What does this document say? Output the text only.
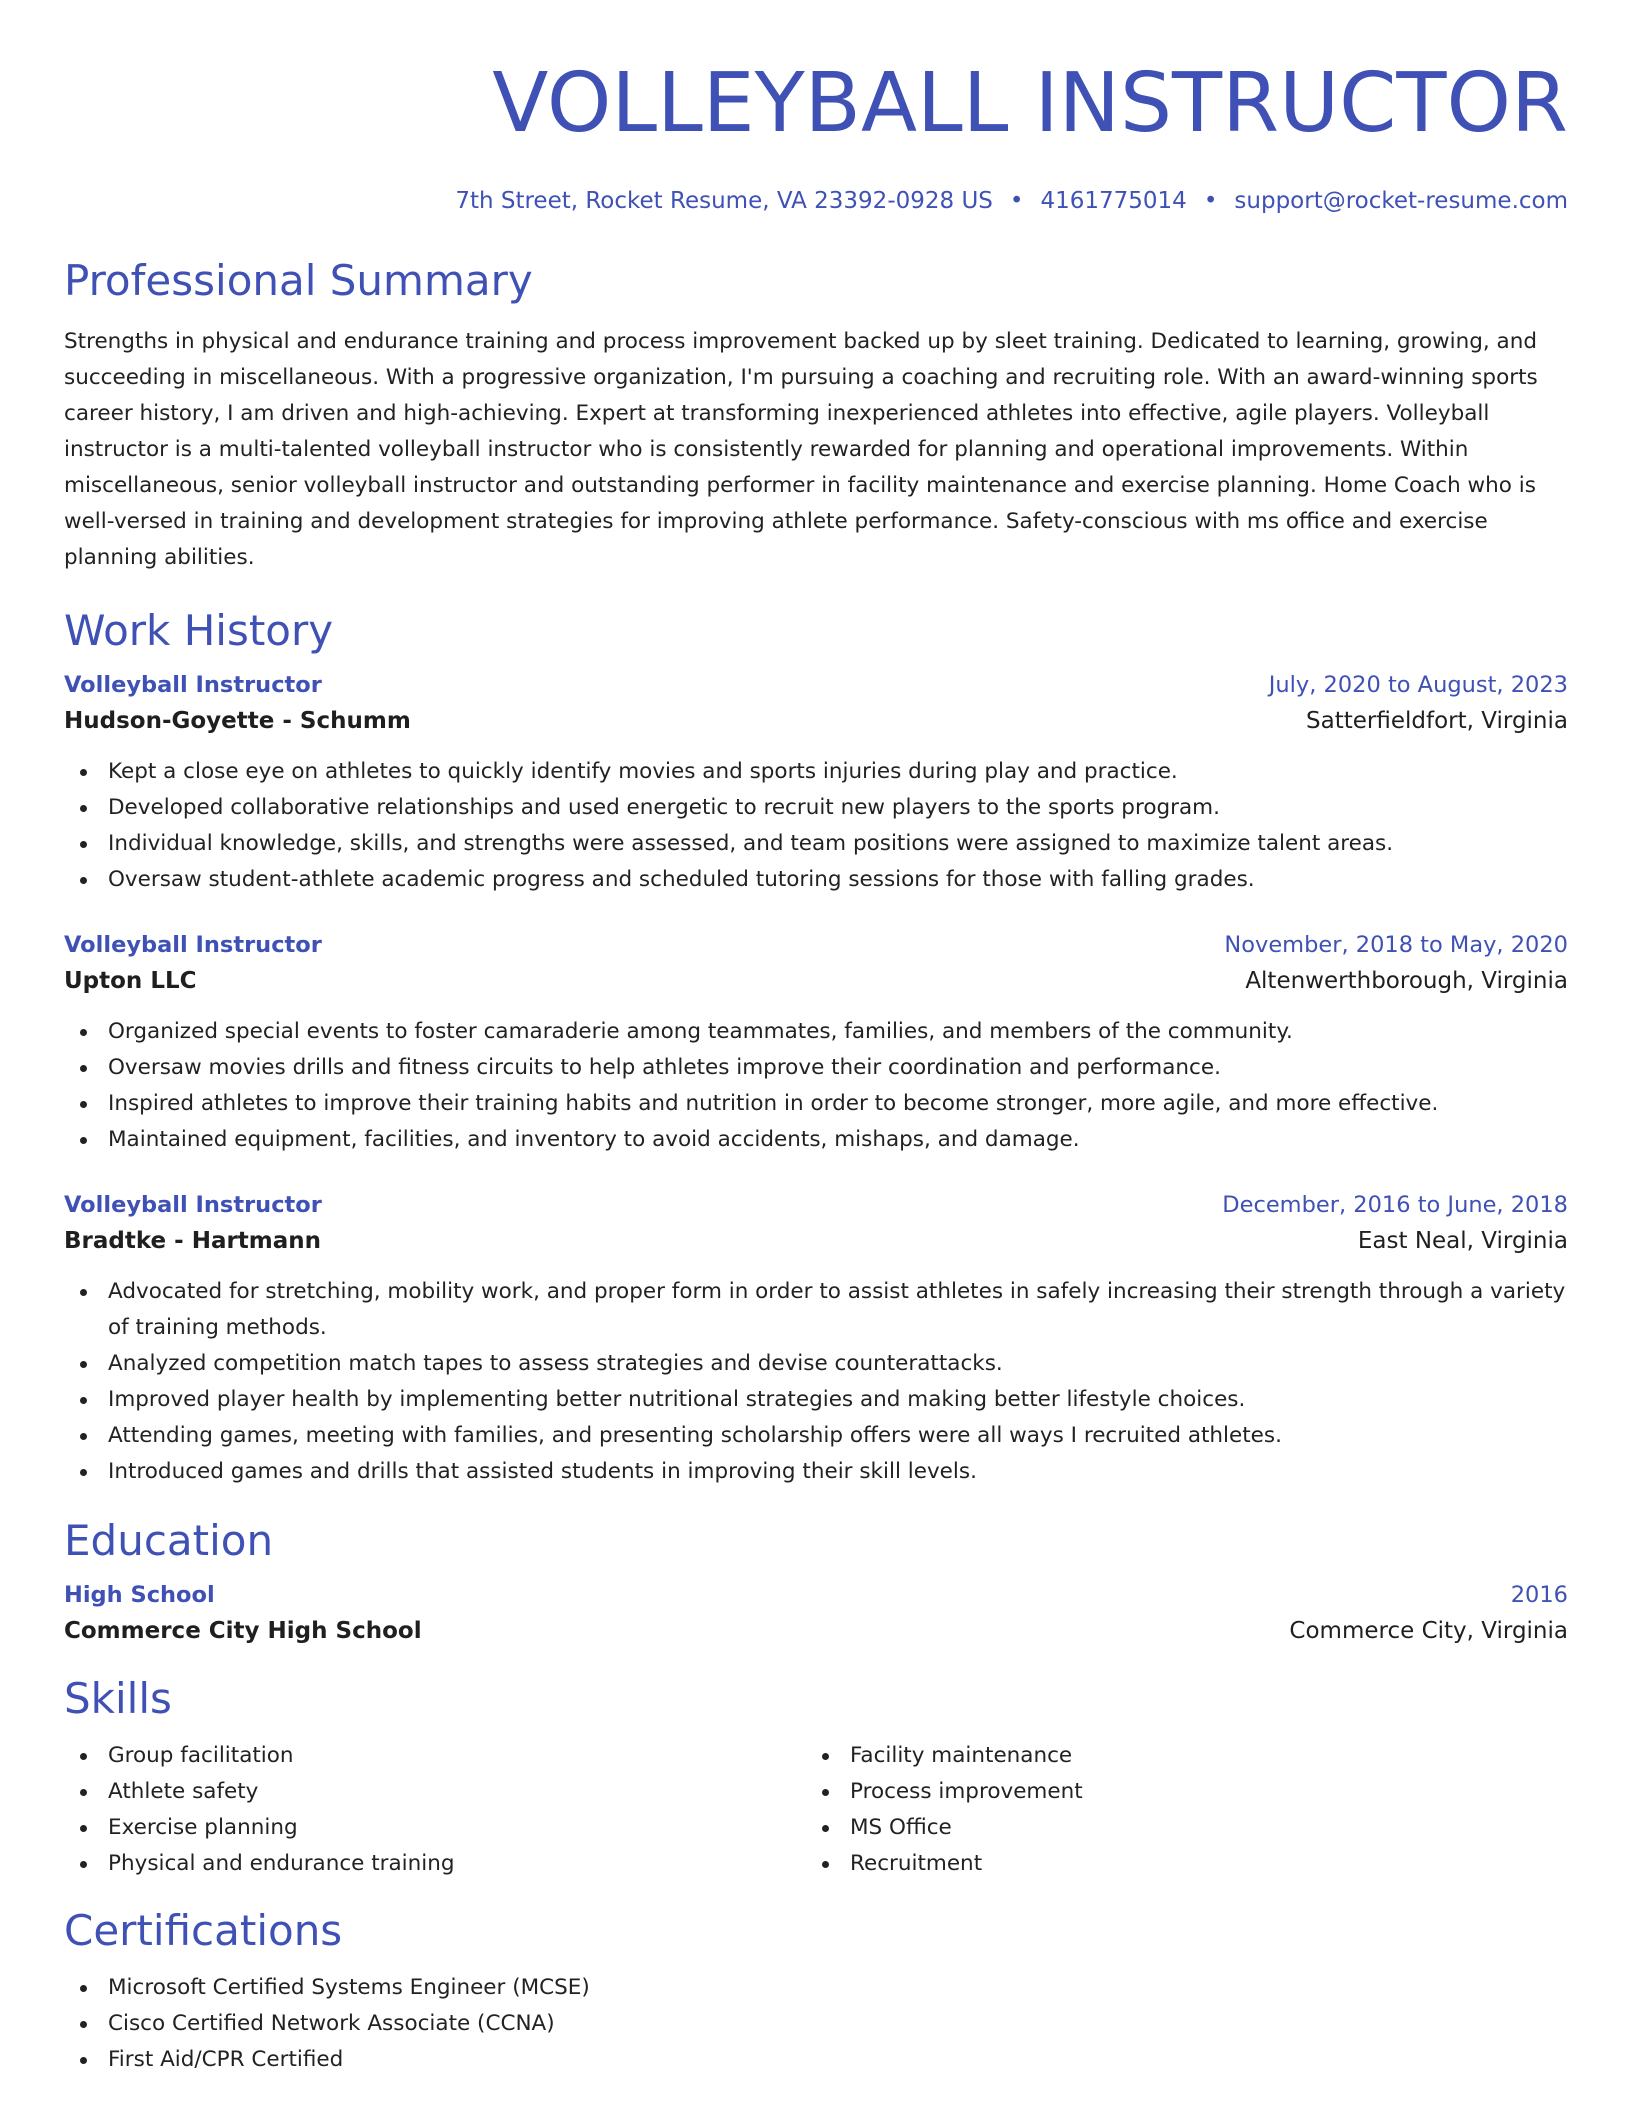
VOLLEYBALL INSTRUCTOR
7th Street, Rocket Resume, VA 23392-0928 US • 4161775014 • support@rocket-resume.com
Professional Summary

Strengths in physical and endurance training and process improvement backed up by sleet training. Dedicated to learning, growing, and succeeding in miscellaneous. With a progressive organization, I'm pursuing a coaching and recruiting role. With an award-winning sports career history, I am driven and high-achieving. Expert at transforming inexperienced athletes into effective, agile players. Volleyball instructor is a multi-talented volleyball instructor who is consistently rewarded for planning and operational improvements. Within miscellaneous, senior volleyball instructor and outstanding performer in facility maintenance and exercise planning. Home Coach who is well-versed in training and development strategies for improving athlete performance. Safety-conscious with ms office and exercise planning abilities.

Work History
Volleyball Instructor	July, 2020 to August, 2023
Hudson-Goyette - Schumm	Satterfieldfort, Virginia
Kept a close eye on athletes to quickly identify movies and sports injuries during play and practice.
Developed collaborative relationships and used energetic to recruit new players to the sports program.
Individual knowledge, skills, and strengths were assessed, and team positions were assigned to maximize talent areas.
Oversaw student-athlete academic progress and scheduled tutoring sessions for those with falling grades.
Volleyball Instructor	November, 2018 to May, 2020
Upton LLC	Altenwerthborough, Virginia
Organized special events to foster camaraderie among teammates, families, and members of the community.
Oversaw movies drills and fitness circuits to help athletes improve their coordination and performance.
Inspired athletes to improve their training habits and nutrition in order to become stronger, more agile, and more effective.
Maintained equipment, facilities, and inventory to avoid accidents, mishaps, and damage.
Volleyball Instructor	December, 2016 to June, 2018
Bradtke - Hartmann	East Neal, Virginia
Advocated for stretching, mobility work, and proper form in order to assist athletes in safely increasing their strength through a variety of training methods.
Analyzed competition match tapes to assess strategies and devise counterattacks.
Improved player health by implementing better nutritional strategies and making better lifestyle choices.
Attending games, meeting with families, and presenting scholarship offers were all ways I recruited athletes.
Introduced games and drills that assisted students in improving their skill levels.
Education
High School	2016
Commerce City High School	Commerce City, Virginia
Skills
Group facilitation
Athlete safety
Exercise planning
Physical and endurance training
Facility maintenance
Process improvement
MS Office
Recruitment
Certifications
Microsoft Certified Systems Engineer (MCSE)
Cisco Certified Network Associate (CCNA)
First Aid/CPR Certified
